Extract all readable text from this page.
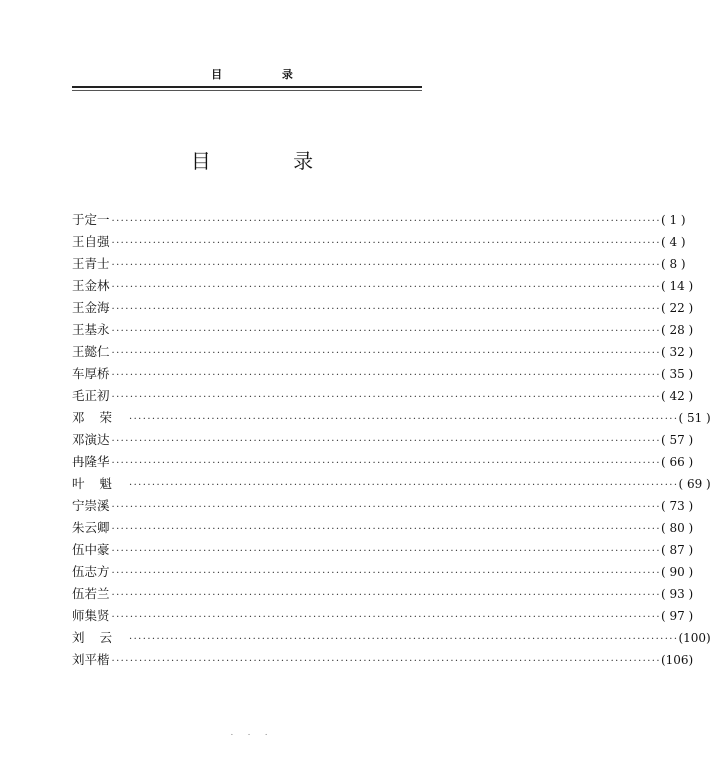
目 录
目 录
于定一 ························································································································ ( 1 )
王自强 ························································································································ ( 4 )
王青士 ························································································································ ( 8 )
王金林 ························································································································ ( 14 )
王金海 ························································································································ ( 22 )
王基永 ························································································································ ( 28 )
王懿仁 ························································································································ ( 32 )
车厚桥 ························································································································ ( 35 )
毛正初 ························································································································ ( 42 )
邓荣 ························································································································ ( 51 )
邓演达 ························································································································ ( 57 )
冉隆华 ························································································································ ( 66 )
叶魁 ························································································································ ( 69 )
宁崇溪 ························································································································ ( 73 )
朱云卿 ························································································································ ( 80 )
伍中豪 ························································································································ ( 87 )
伍志方 ························································································································ ( 90 )
伍若兰 ························································································································ ( 93 )
师集贤 ························································································································ ( 97 )
刘云 ························································································································ (100)
刘平楷 ························································································································ (106)
. . .
